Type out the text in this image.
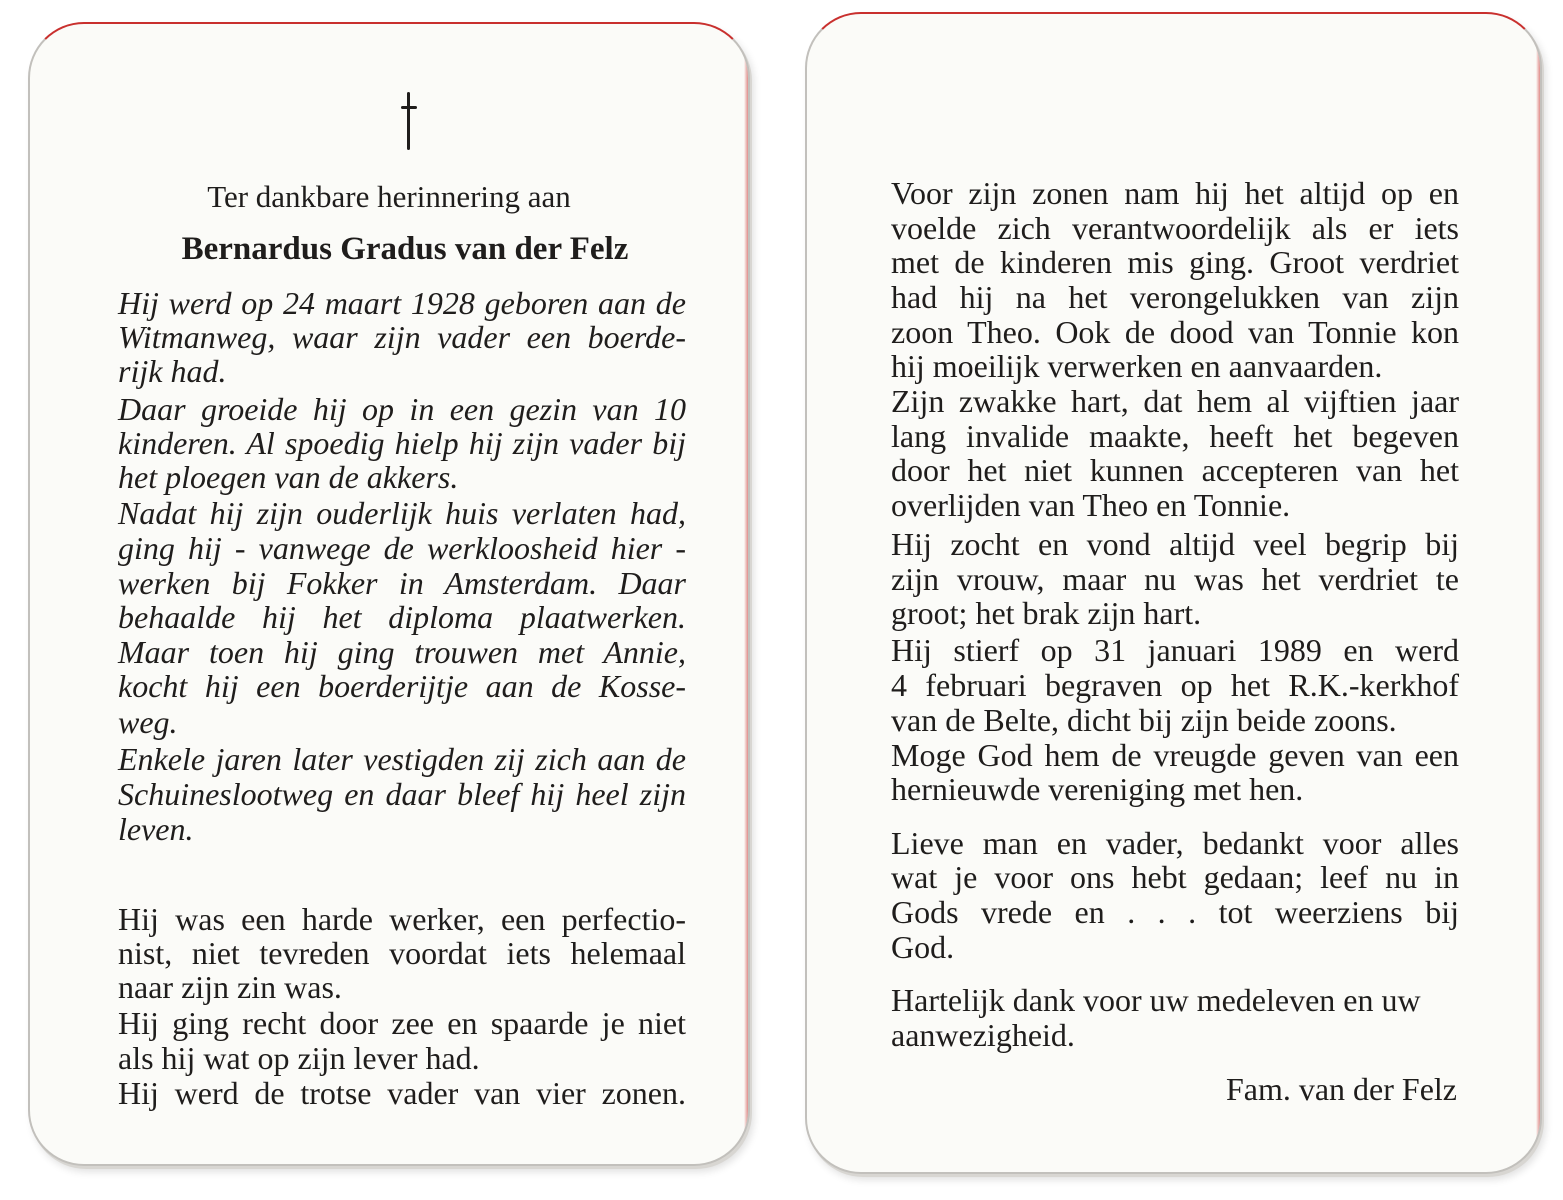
Ter dankbare herinnering aan
Bernardus Gradus van der Felz
Hij werd op 24 maart 1928 geboren aan de
Witmanweg, waar zijn vader een boerde-
rijk had.
Daar groeide hij op in een gezin van 10
kinderen. Al spoedig hielp hij zijn vader bij
het ploegen van de akkers.
Nadat hij zijn ouderlijk huis verlaten had,
ging hij - vanwege de werkloosheid hier -
werken bij Fokker in Amsterdam. Daar
behaalde hij het diploma plaatwerken.
Maar toen hij ging trouwen met Annie,
kocht hij een boerderijtje aan de Kosse-
weg.
Enkele jaren later vestigden zij zich aan de
Schuineslootweg en daar bleef hij heel zijn
leven.
Hij was een harde werker, een perfectio-
nist, niet tevreden voordat iets helemaal
naar zijn zin was.
Hij ging recht door zee en spaarde je niet
als hij wat op zijn lever had.
Hij werd de trotse vader van vier zonen.
Voor zijn zonen nam hij het altijd op en
voelde zich verantwoordelijk als er iets
met de kinderen mis ging. Groot verdriet
had hij na het verongelukken van zijn
zoon Theo. Ook de dood van Tonnie kon
hij moeilijk verwerken en aanvaarden.
Zijn zwakke hart, dat hem al vijftien jaar
lang invalide maakte, heeft het begeven
door het niet kunnen accepteren van het
overlijden van Theo en Tonnie.
Hij zocht en vond altijd veel begrip bij
zijn vrouw, maar nu was het verdriet te
groot; het brak zijn hart.
Hij stierf op 31 januari 1989 en werd
4 februari begraven op het R.K.-kerkhof
van de Belte, dicht bij zijn beide zoons.
Moge God hem de vreugde geven van een
hernieuwde vereniging met hen.
Lieve man en vader, bedankt voor alles
wat je voor ons hebt gedaan; leef nu in
Gods vrede en . . . tot weerziens bij
God.
Hartelijk dank voor uw medeleven en uw
aanwezigheid.
Fam. van der Felz
